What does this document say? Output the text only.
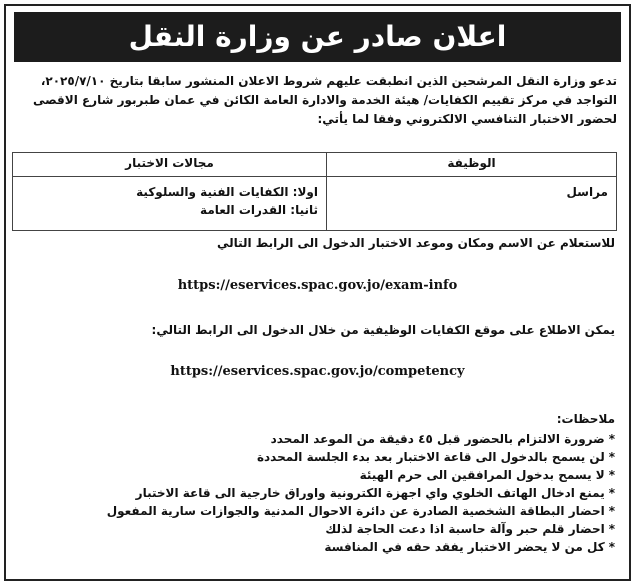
اعلان صادر عن وزارة النقل
تدعو وزارة النقل المرشحين الذين انطبقت عليهم شروط الاعلان المنشور سابقا بتاريخ ٢٠٢٥/٧/١٠،
التواجد في مركز تقييم الكفايات/ هيئة الخدمة والادارة العامة الكائن في عمان طبربور شارع الاقصى
لحضور الاختبار التنافسي الالكتروني وفقا لما يأتي:
الوظيفة	مجالات الاختبار
مراسل	اولا: الكفايات الفنية والسلوكية
ثانيا: القدرات العامة
للاستعلام عن الاسم ومكان وموعد الاختبار الدخول الى الرابط التالي
https://eservices.spac.gov.jo/exam-info
يمكن الاطلاع على موقع الكفايات الوظيفية من خلال الدخول الى الرابط التالي:
https://eservices.spac.gov.jo/competency
ملاحظات:
*ضرورة الالتزام بالحضور قبل ٤٥ دقيقة من الموعد المحدد
*لن يسمح بالدخول الى قاعة الاختبار بعد بدء الجلسة المحددة
*لا يسمح بدخول المرافقين الى حرم الهيئة
*يمنع ادخال الهاتف الخلوي واي اجهزة الكترونية واوراق خارجية الى قاعة الاختبار
*احضار البطاقة الشخصية الصادرة عن دائرة الاحوال المدنية والجوازات سارية المفعول
*احضار قلم حبر وآلة حاسبة اذا دعت الحاجة لذلك
*كل من لا يحضر الاختبار يفقد حقه في المنافسة
